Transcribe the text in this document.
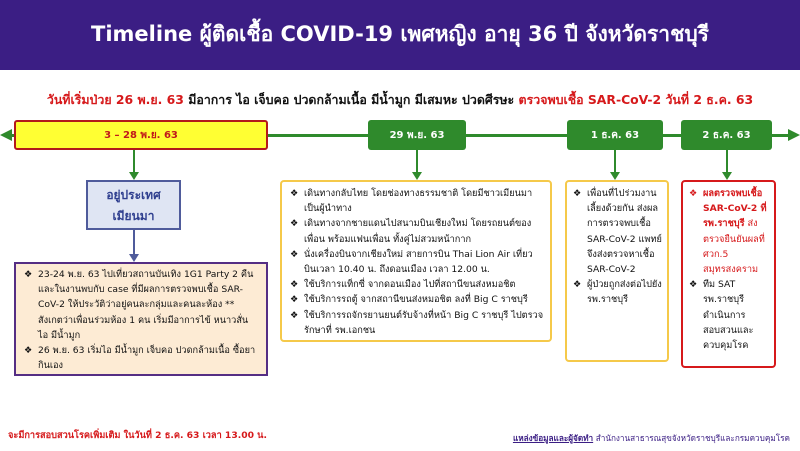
Timeline ผู้ติดเชื้อ COVID-19 เพศหญิง อายุ 36 ปี จังหวัดราชบุรี
วันที่เริ่มป่วย 26 พ.ย. 63 มีอาการ ไอ เจ็บคอ ปวดกล้ามเนื้อ มีน้ำมูก มีเสมหะ ปวดศีรษะ ตรวจพบเชื้อ SAR-CoV-2 วันที่ 2 ธ.ค. 63
3 – 28 พ.ย. 63	29 พ.ย. 63	1 ธ.ค. 63	2 ธ.ค. 63
อยู่ประเทศ
เมียนมา
❖ 23-24 พ.ย. 63 ไปเที่ยวสถานบันเทิง 1G1 Party 2 คืน และในงานพบกับ case ที่มีผลการตรวจพบเชื้อ SAR-CoV-2 ให้ประวัติว่าอยู่คนละกลุ่มและคนละห้อง ** สังเกตว่าเพื่อนร่วมห้อง 1 คน เริ่มมีอาการไข้ หนาวสั่น ไอ มีน้ำมูก
❖ 26 พ.ย. 63 เริ่มไอ มีน้ำมูก เจ็บคอ ปวดกล้ามเนื้อ ซื้อยากินเอง
❖ เดินทางกลับไทย โดยช่องทางธรรมชาติ โดยมีชาวเมียนมาเป็นผู้นำทาง
❖ เดินทางจากชายแดนไปสนามบินเชียงใหม่ โดยรถยนต์ของเพื่อน พร้อมแฟนเพื่อน ทั้งคู่ไม่สวมหน้ากาก
❖ นั่งเครื่องบินจากเชียงใหม่ สายการบิน Thai Lion Air เที่ยวบินเวลา 10.40 น. ถึงดอนเมือง เวลา 12.00 น.
❖ ใช้บริการแท็กซี่ จากดอนเมือง ไปที่สถานีขนส่งหมอชิต
❖ ใช้บริการรถตู้ จากสถานีขนส่งหมอชิต ลงที่ Big C ราชบุรี
❖ ใช้บริการรถจักรยานยนต์รับจ้างที่หน้า Big C ราชบุรี ไปตรวจรักษาที่ รพ.เอกชน
❖ เพื่อนที่ไปร่วมงานเลี้ยงด้วยกัน ส่งผลการตรวจพบเชื้อ SAR-CoV-2 แพทย์จึงส่งตรวจหาเชื้อ SAR-CoV-2
❖ ผู้ป่วยถูกส่งต่อไปยัง รพ.ราชบุรี
❖ ผลตรวจพบเชื้อ SAR-CoV-2 ที่ รพ.ราชบุรี ส่งตรวจยืนยันผลที่ ศวก.5 สมุทรสงคราม
❖ ทีม SAT รพ.ราชบุรี ดำเนินการสอบสวนและควบคุมโรค
จะมีการสอบสวนโรคเพิ่มเติม ในวันที่ 2 ธ.ค. 63 เวลา 13.00 น.	แหล่งข้อมูลและผู้จัดทำ สำนักงานสาธารณสุขจังหวัดราชบุรีและกรมควบคุมโรค
